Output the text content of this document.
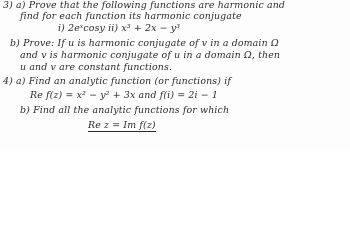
3) a) Prove that the following functions are harmonic and
find for each function its harmonic conjugate
i) 2eˣcosy ii) x³ + 2x − y³
b) Prove: If u is harmonic conjugate of v in a domain Ω
and v is harmonic conjugate of u in a domain Ω, then
u and v are constant functions.
4) a) Find an analytic function (or functions) if
Re f(z) = x² − y² + 3x and f(i) = 2i − 1
b) Find all the analytic functions for which
Re z = Im f(z)
